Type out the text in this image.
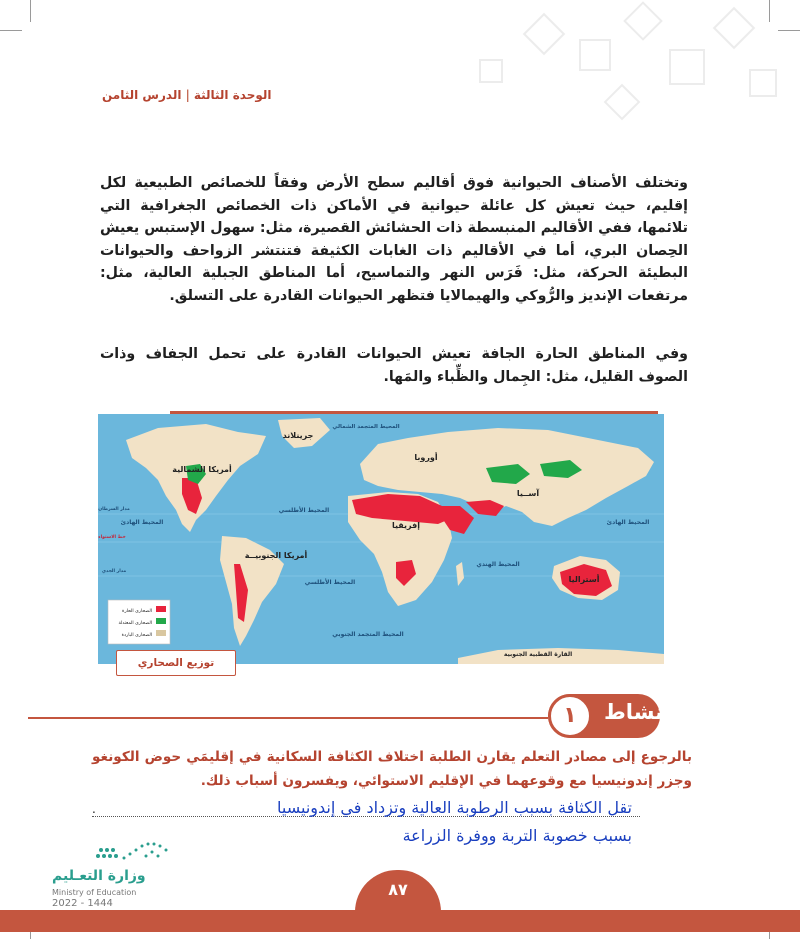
الوحدة الثالثة|الدرس الثامن
وتختلف الأصناف الحيوانية فوق أقاليم سطح الأرض وفقاً للخصائص الطبيعية لكل إقليم، حيث تعيش كل عائلة حيوانية في الأماكن ذات الخصائص الجغرافية التي تلائمها، ففي الأقاليم المنبسطة ذات الحشائش القصيرة، مثل: سهول الإستبس يعيش الحِصان البري، أما في الأقاليم ذات الغابات الكثيفة فتنتشر الزواحف والحيوانات البطيئة الحركة، مثل: فَرَس النهر والتماسيح، أما المناطق الجبلية العالية، مثل: مرتفعات الإنديز والرُّوكي والهيمالايا فتظهر الحيوانات القادرة على التسلق.
وفي المناطق الحارة الجافة تعيش الحيوانات القادرة على تحمل الجفاف وذات الصوف القليل، مثل: الجِمال والظِّباء والمَها.
جرينلاند
المحيط المتجمد الشمالي
أمريكا الشمالية
أوروبا
آســيا
إفريقيا
أمريكا الجنوبيــة
أستراليا
المحيط الهادئ	المحيط الهادئ
المحيط الأطلسي
المحيط الأطلسي
المحيط الهندي
المحيط المتجمد الجنوبي
القارة القطبية الجنوبية
مدار السرطان
خط الاستواء
مدار الجدي
الصحاري الحارة
الصحاري المعتدلة
الصحاري الباردة
توزيع الصحاري
نشاط
١
بالرجوع إلى مصادر التعلم يقارن الطلبة اختلاف الكثافة السكانية في إقليمَي حوض الكونغو وجزر إندونيسيا مع وقوعهما في الإقليم الاستوائي، ويفسرون أسباب ذلك.
.	تقل الكثافة بسبب الرطوبة العالية وتزداد في إندونيسيا
بسبب خصوبة التربة ووفرة الزراعة
وزارة التعـليم
Ministry of Education
2022 - 1444
٨٧
